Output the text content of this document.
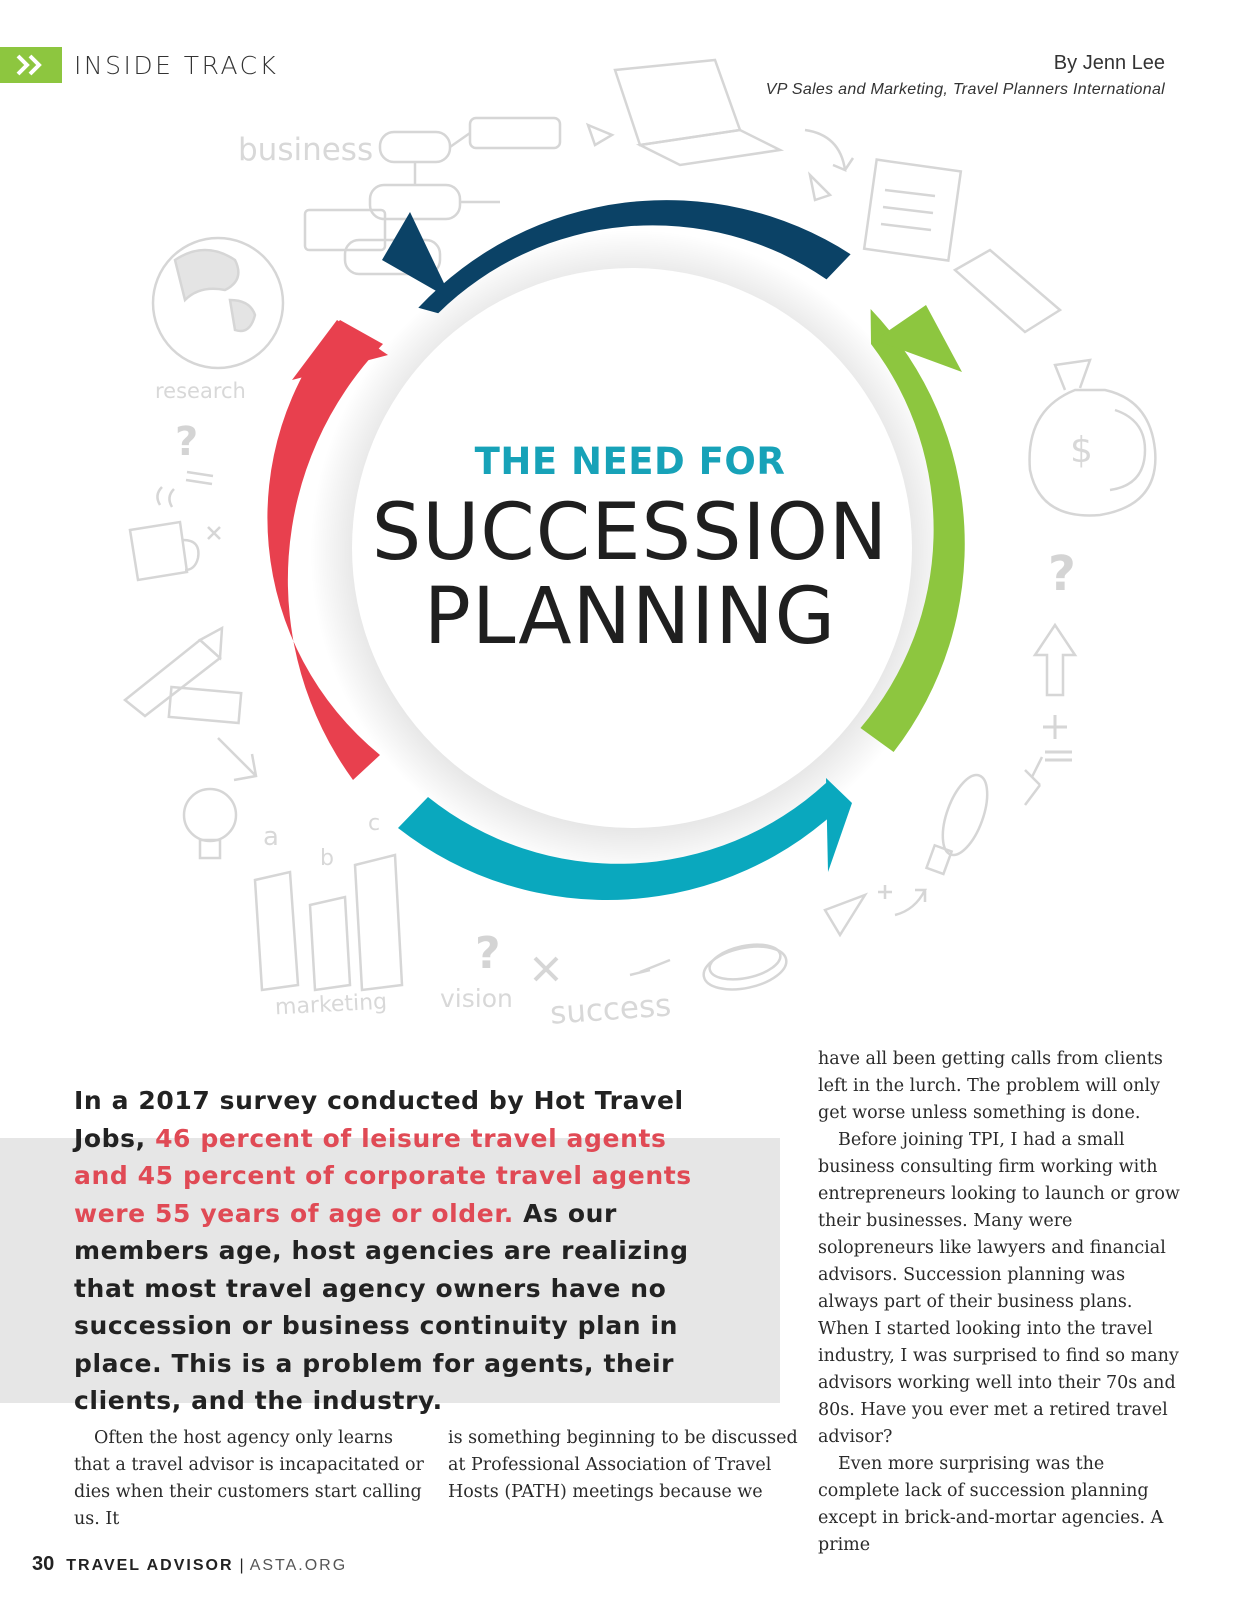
INSIDE TRACK	By Jenn Lee
VP Sales and Marketing, Travel Planners International
?
?
?
business
research
marketing vision success
a
b
c
$
THE NEED FOR
SUCCESSION
PLANNING
In a 2017 survey conducted by Hot Travel Jobs, 46 percent of leisure travel agents and 45 percent of corporate travel agents were 55 years of age or older. As our members age, host agencies are realizing that most travel agency owners have no succession or business continuity plan in place. This is a problem for agents, their clients, and the industry.

Often the host agency only learns that a travel advisor is incapacitated or dies when their customers start calling us. It

is something beginning to be discussed at Professional Association of Travel Hosts (PATH) meetings because we

have all been getting calls from clients left in the lurch. The problem will only get worse unless something is done.

Before joining TPI, I had a small business consulting firm working with entrepreneurs looking to launch or grow their businesses. Many were solopreneurs like lawyers and financial advisors. Succession planning was always part of their business plans. When I started looking into the travel industry, I was surprised to find so many advisors working well into their 70s and 80s. Have you ever met a retired travel advisor?

Even more surprising was the complete lack of succession planning except in brick-and-mortar agencies. A prime

30 TRAVEL ADVISOR | ASTA.ORG
